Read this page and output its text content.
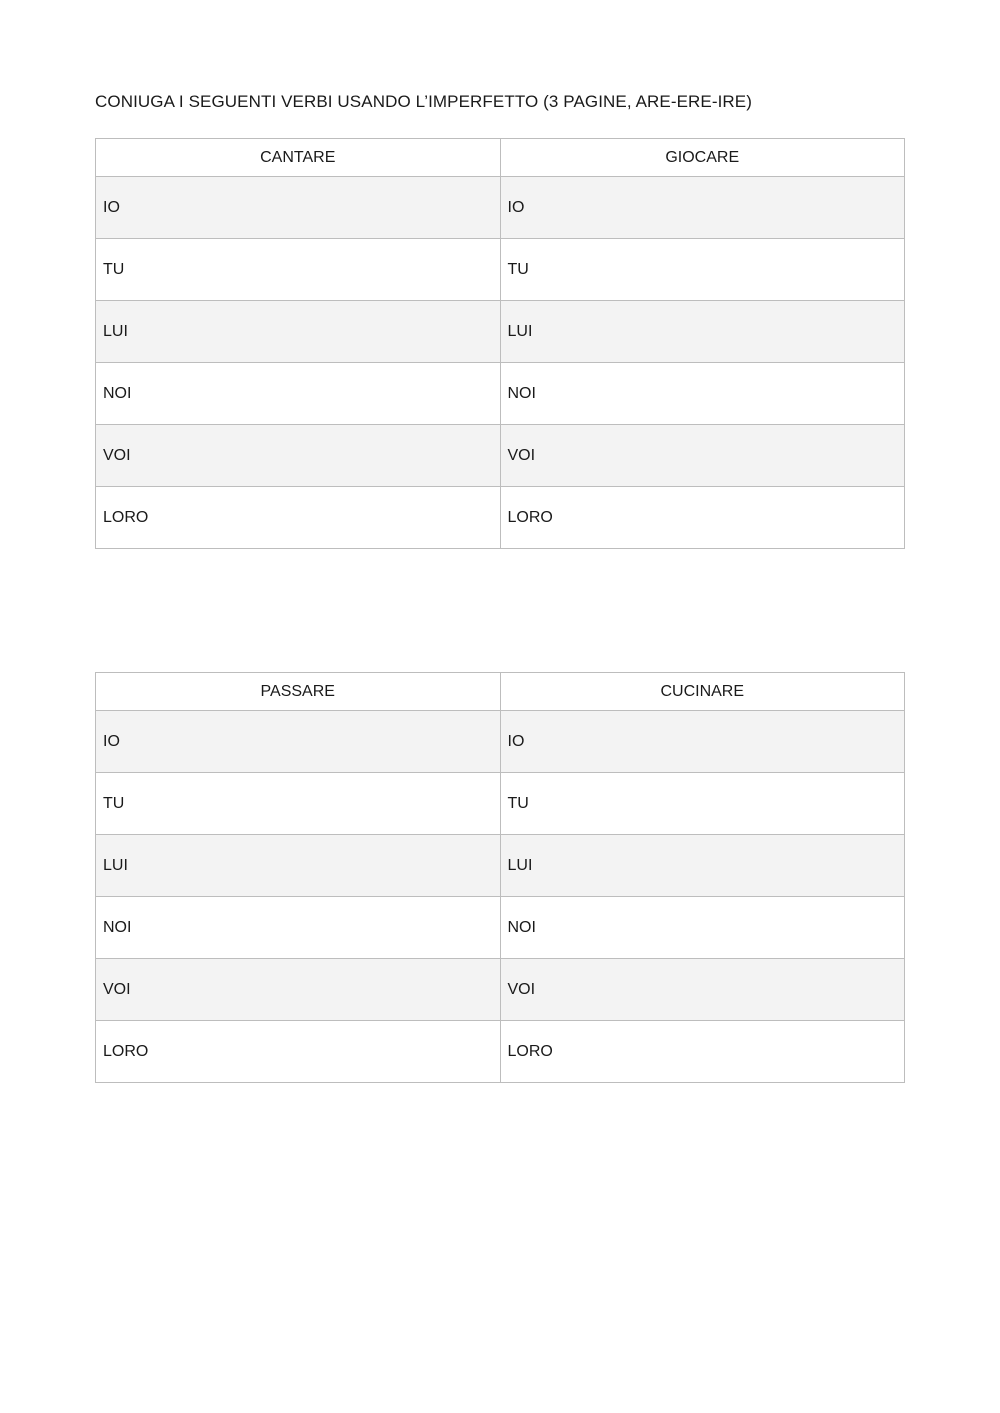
CONIUGA I SEGUENTI VERBI USANDO L’IMPERFETTO (3 PAGINE, ARE-ERE-IRE)
CANTARE	GIOCARE
IO	IO
TU	TU
LUI	LUI
NOI	NOI
VOI	VOI
LORO	LORO
PASSARE	CUCINARE
IO	IO
TU	TU
LUI	LUI
NOI	NOI
VOI	VOI
LORO	LORO
